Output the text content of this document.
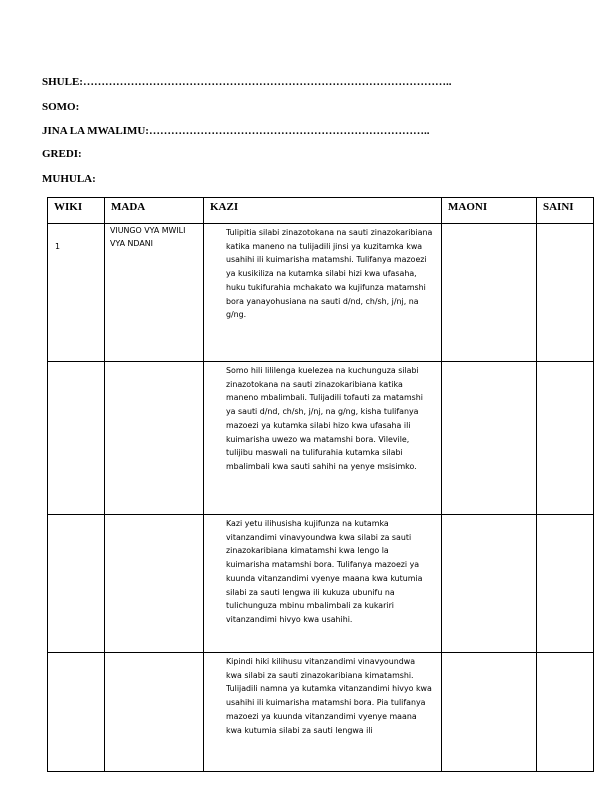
SHULE:………………………………………………………………………………………..
SOMO:
JINA LA MWALIMU:…………………………………………………………………..
GREDI:
MUHULA:
WIKI	MADA	KAZI	MAONI	SAINI
1	VIUNGO VYA MWILI VYA NDANI	Tulipitia silabi zinazotokana na sauti zinazokaribiana katika maneno na tulijadili jinsi ya kuzitamka kwa usahihi ili kuimarisha matamshi. Tulifanya mazoezi ya kusikiliza na kutamka silabi hizi kwa ufasaha, huku tukifurahia mchakato wa kujifunza matamshi bora yanayohusiana na sauti d/nd, ch/sh, j/nj, na g/ng.		
		Somo hili lililenga kuelezea na kuchunguza silabi zinazotokana na sauti zinazokaribiana katika maneno mbalimbali. Tulijadili tofauti za matamshi ya sauti d/nd, ch/sh, j/nj, na g/ng, kisha tulifanya mazoezi ya kutamka silabi hizo kwa ufasaha ili kuimarisha uwezo wa matamshi bora. Vilevile, tulijibu maswali na tulifurahia kutamka silabi mbalimbali kwa sauti sahihi na yenye msisimko.		
		Kazi yetu ilihusisha kujifunza na kutamka vitanzandimi vinavyoundwa kwa silabi za sauti zinazokaribiana kimatamshi kwa lengo la kuimarisha matamshi bora. Tulifanya mazoezi ya kuunda vitanzandimi vyenye maana kwa kutumia silabi za sauti lengwa ili kukuza ubunifu na tulichunguza mbinu mbalimbali za kukariri vitanzandimi hivyo kwa usahihi.		

		Kipindi hiki kilihusu vitanzandimi vinavyoundwa kwa silabi za sauti zinazokaribiana kimatamshi. Tulijadili namna ya kutamka vitanzandimi hivyo kwa usahihi ili kuimarisha matamshi bora. Pia tulifanya mazoezi ya kuunda vitanzandimi vyenye maana kwa kutumia silabi za sauti lengwa ili		
